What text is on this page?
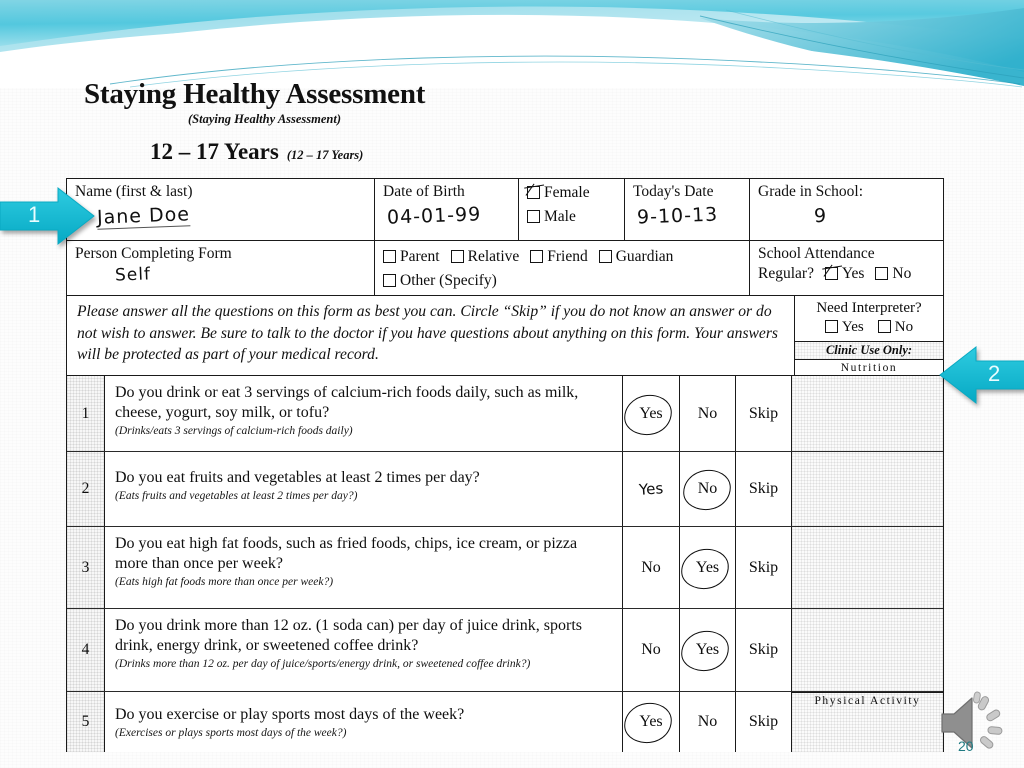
Staying Healthy Assessment
(Staying Healthy Assessment)
12 – 17 Years (12 – 17 Years)
Name (first & last)
Jane Doe
Date of Birth
04-01-99
Female
Male
Today's Date
9-10-13
Grade in School:
9
Person Completing Form
Self
Parent Relative Friend Guardian
Other (Specify)
School Attendance
Regular? Yes No
Please answer all the questions on this form as best you can. Circle “Skip” if you do not know an answer or do not wish to answer. Be sure to talk to the doctor if you have questions about anything on this form. Your answers will be protected as part of your medical record.
Need Interpreter?
Yes No
Clinic Use Only:
Nutrition
1
Do you drink or eat 3 servings of calcium-rich foods daily, such as milk, cheese, yogurt, soy milk, or tofu?
(Drinks/eats 3 servings of calcium-rich foods daily)
Yes No Skip
2
Do you eat fruits and vegetables at least 2 times per day?
(Eats fruits and vegetables at least 2 times per day?)	Yes No Skip
3
Do you eat high fat foods, such as fried foods, chips, ice cream, or pizza more than once per week?
(Eats high fat foods more than once per week?)
No Yes Skip
4
Do you drink more than 12 oz. (1 soda can) per day of juice drink, sports drink, energy drink, or sweetened coffee drink?
(Drinks more than 12 oz. per day of juice/sports/energy drink, or sweetened coffee drink?)
No Yes Skip
5	Do you exercise or play sports most days of the week?
(Exercises or plays sports most days of the week?)
Yes No Skip
Physical Activity
1
2
20
